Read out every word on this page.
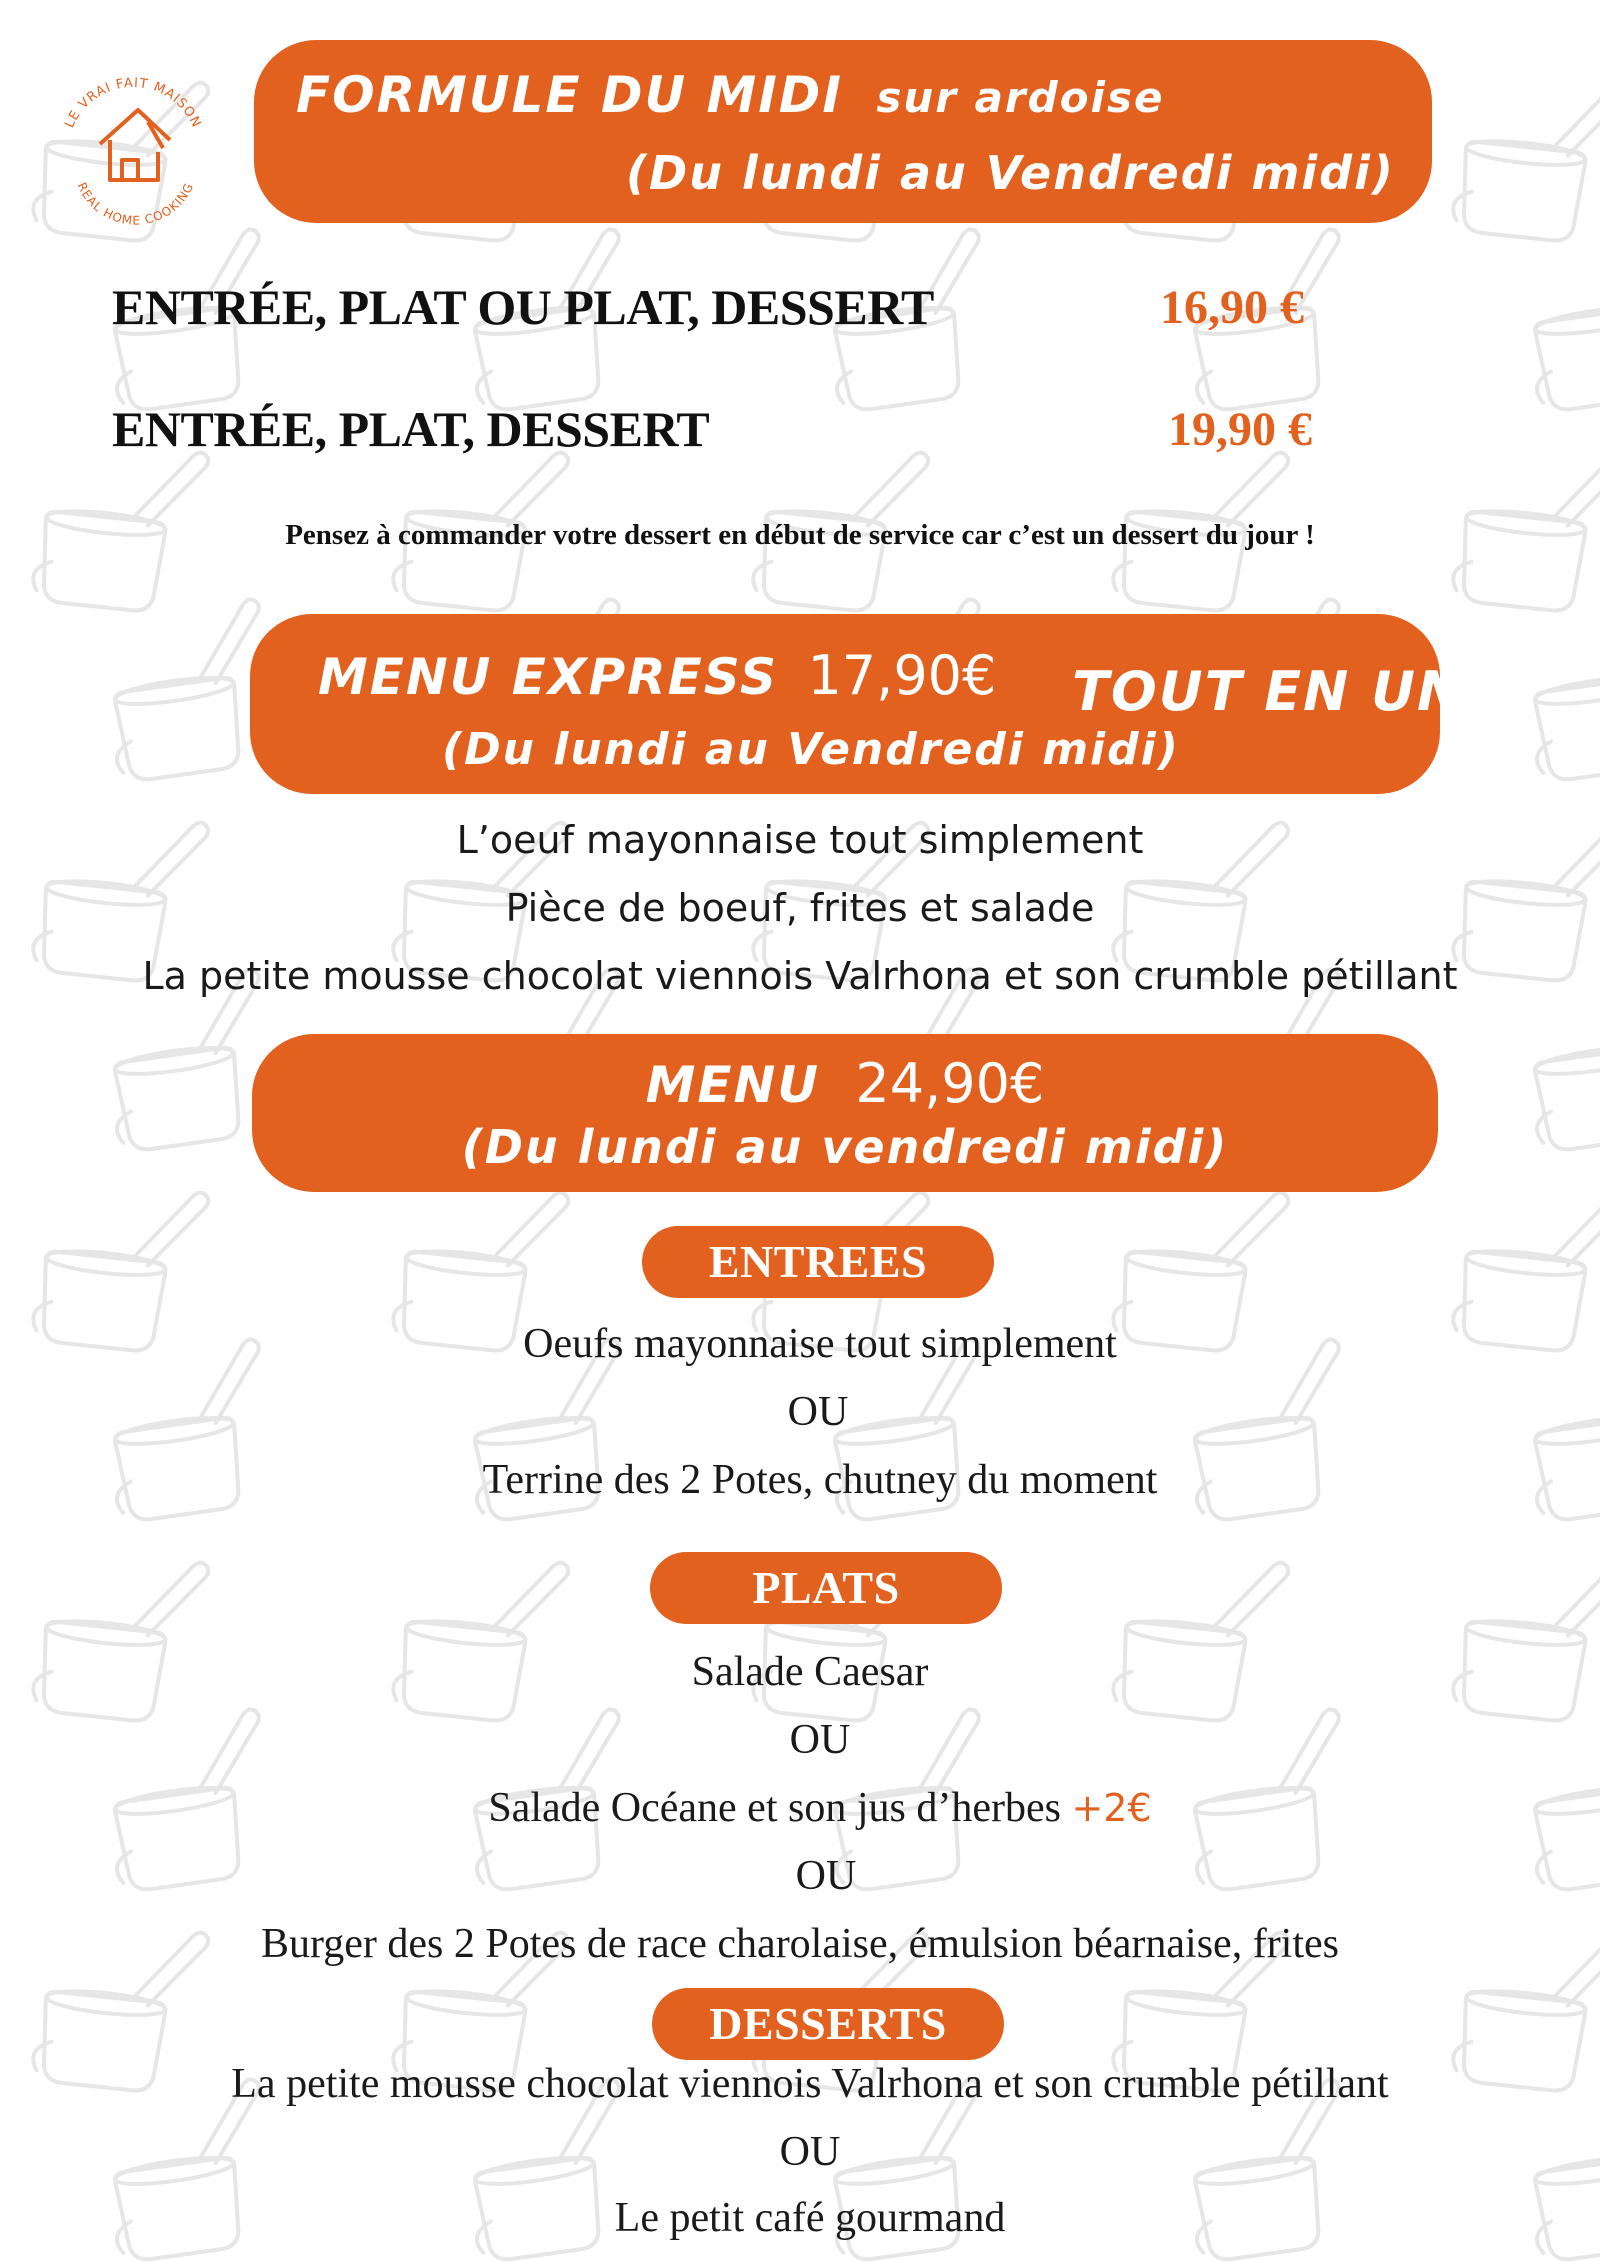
LE VRAI FAIT MAISON
REAL HOME COOKING
FORMULE DU MIDI sur ardoise
(Du lundi au Vendredi midi)
ENTRÉE, PLAT OU PLAT, DESSERT	16,90 €
ENTRÉE, PLAT, DESSERT	19,90 €
Pensez à commander votre dessert en début de service car c’est un dessert du jour !
MENU EXPRESS 17,90€ TOUT EN UN
(Du lundi au Vendredi midi)
L’oeuf mayonnaise tout simplement
Pièce de boeuf, frites et salade
La petite mousse chocolat viennois Valrhona et son crumble pétillant
MENU 24,90€
(Du lundi au vendredi midi)
ENTREES
Oeufs mayonnaise tout simplement
OU
Terrine des 2 Potes, chutney du moment
PLATS
Salade Caesar
OU
Salade Océane et son jus d’herbes +2€
OU
Burger des 2 Potes de race charolaise, émulsion béarnaise, frites
DESSERTS
La petite mousse chocolat viennois Valrhona et son crumble pétillant
OU
Le petit café gourmand
